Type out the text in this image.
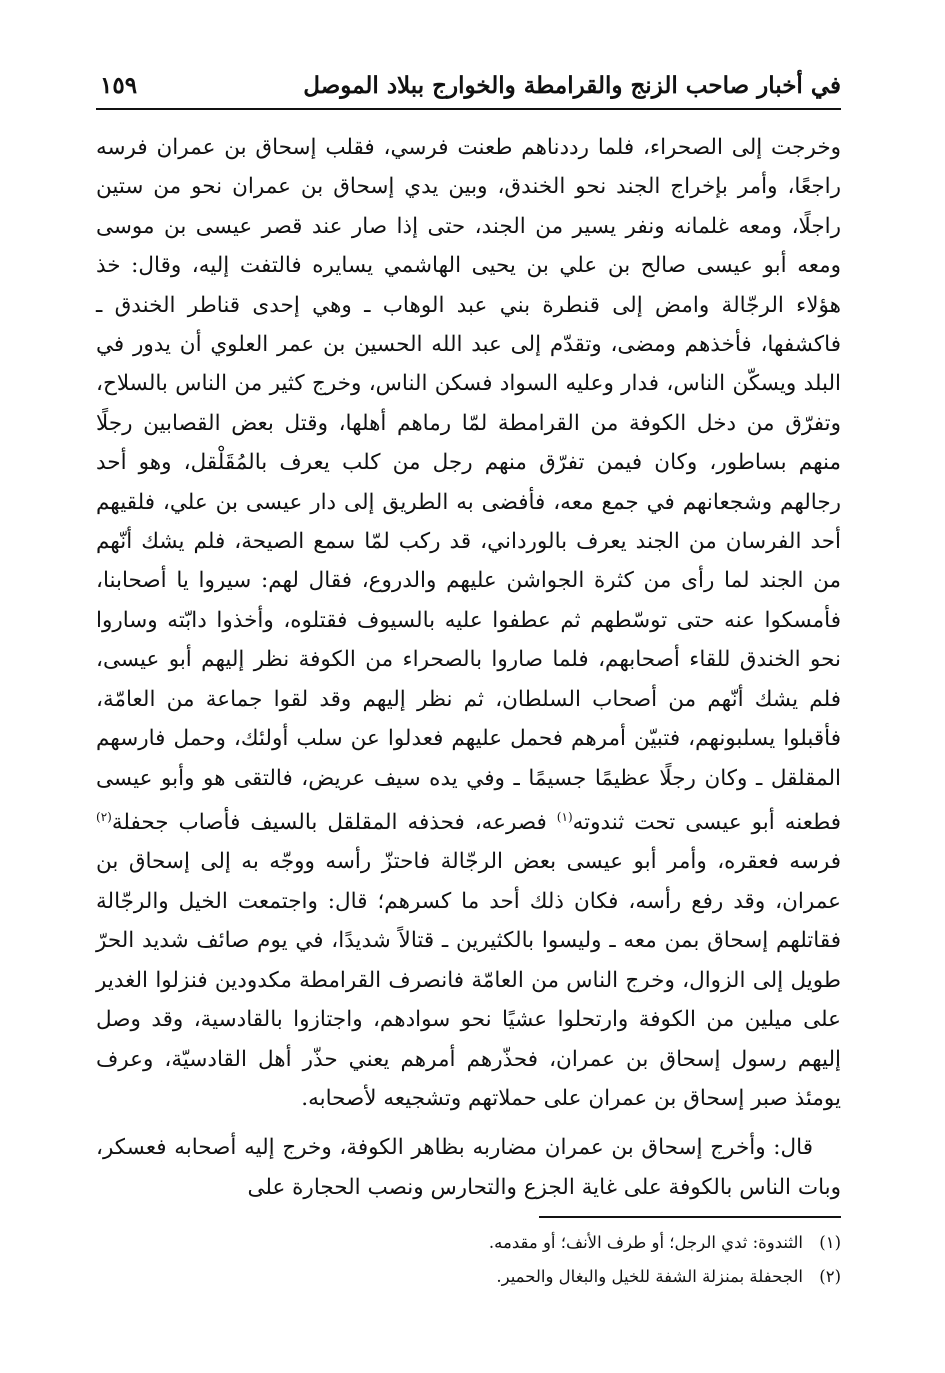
في أخبار صاحب الزنج والقرامطة والخوارج ببلاد الموصل
١٥٩

وخرجت إلى الصحراء، فلما رددناهم طعنت فرسي، فقلب إسحاق بن عمران فرسه راجعًا، وأمر بإخراج الجند نحو الخندق، وبين يدي إسحاق بن عمران نحو من ستين راجلًا، ومعه غلمانه ونفر يسير من الجند، حتى إذا صار عند قصر عيسى بن موسى ومعه أبو عيسى صالح بن علي بن يحيى الهاشمي يسايره فالتفت إليه، وقال: خذ هؤلاء الرجّالة وامض إلى قنطرة بني عبد الوهاب ـ وهي إحدى قناطر الخندق ـ فاكشفها، فأخذهم ومضى، وتقدّم إلى عبد الله الحسين بن عمر العلوي أن يدور في البلد ويسكّن الناس، فدار وعليه السواد فسكن الناس، وخرج كثير من الناس بالسلاح، وتفرّق من دخل الكوفة من القرامطة لمّا رماهم أهلها، وقتل بعض القصابين رجلًا منهم بساطور، وكان فيمن تفرّق منهم رجل من كلب يعرف بالمُقَلْقل، وهو أحد رجالهم وشجعانهم في جمع معه، فأفضى به الطريق إلى دار عيسى بن علي، فلقيهم أحد الفرسان من الجند يعرف بالورداني، قد ركب لمّا سمع الصيحة، فلم يشك أنّهم من الجند لما رأى من كثرة الجواشن عليهم والدروع، فقال لهم: سيروا يا أصحابنا، فأمسكوا عنه حتى توسّطهم ثم عطفوا عليه بالسيوف فقتلوه، وأخذوا دابّته وساروا نحو الخندق للقاء أصحابهم، فلما صاروا بالصحراء من الكوفة نظر إليهم أبو عيسى، فلم يشك أنّهم من أصحاب السلطان، ثم نظر إليهم وقد لقوا جماعة من العامّة، فأقبلوا يسلبونهم، فتبيّن أمرهم فحمل عليهم فعدلوا عن سلب أولئك، وحمل فارسهم المقلقل ـ وكان رجلًا عظيمًا جسيمًا ـ وفي يده سيف عريض، فالتقى هو وأبو عيسى فطعنه أبو عيسى تحت ثندوته$^{(١)}$ فصرعه، فحذفه المقلقل بالسيف فأصاب جحفلة$^{(٢)}$ فرسه فعقره، وأمر أبو عيسى بعض الرجّالة فاحتزّ رأسه ووجّه به إلى إسحاق بن عمران، وقد رفع رأسه، فكان ذلك أحد ما كسرهم؛ قال: واجتمعت الخيل والرجّالة فقاتلهم إسحاق بمن معه ـ وليسوا بالكثيرين ـ قتالاً شديدًا، في يوم صائف شديد الحرّ طويل إلى الزوال، وخرج الناس من العامّة فانصرف القرامطة مكدودين فنزلوا الغدير على ميلين من الكوفة وارتحلوا عشيًا نحو سوادهم، واجتازوا بالقادسية، وقد وصل إليهم رسول إسحاق بن عمران، فحذّرهم أمرهم يعني حذّر أهل القادسيّة، وعرف يومئذ صبر إسحاق بن عمران على حملاتهم وتشجيعه لأصحابه.

قال: وأخرج إسحاق بن عمران مضاربه بظاهر الكوفة، وخرج إليه أصحابه فعسكر، وبات الناس بالكوفة على غاية الجزع والتحارس ونصب الحجارة على

(١)الثندوة: ثدي الرجل؛ أو طرف الأنف؛ أو مقدمه.
(٢)الجحفلة بمنزلة الشفة للخيل والبغال والحمير.
